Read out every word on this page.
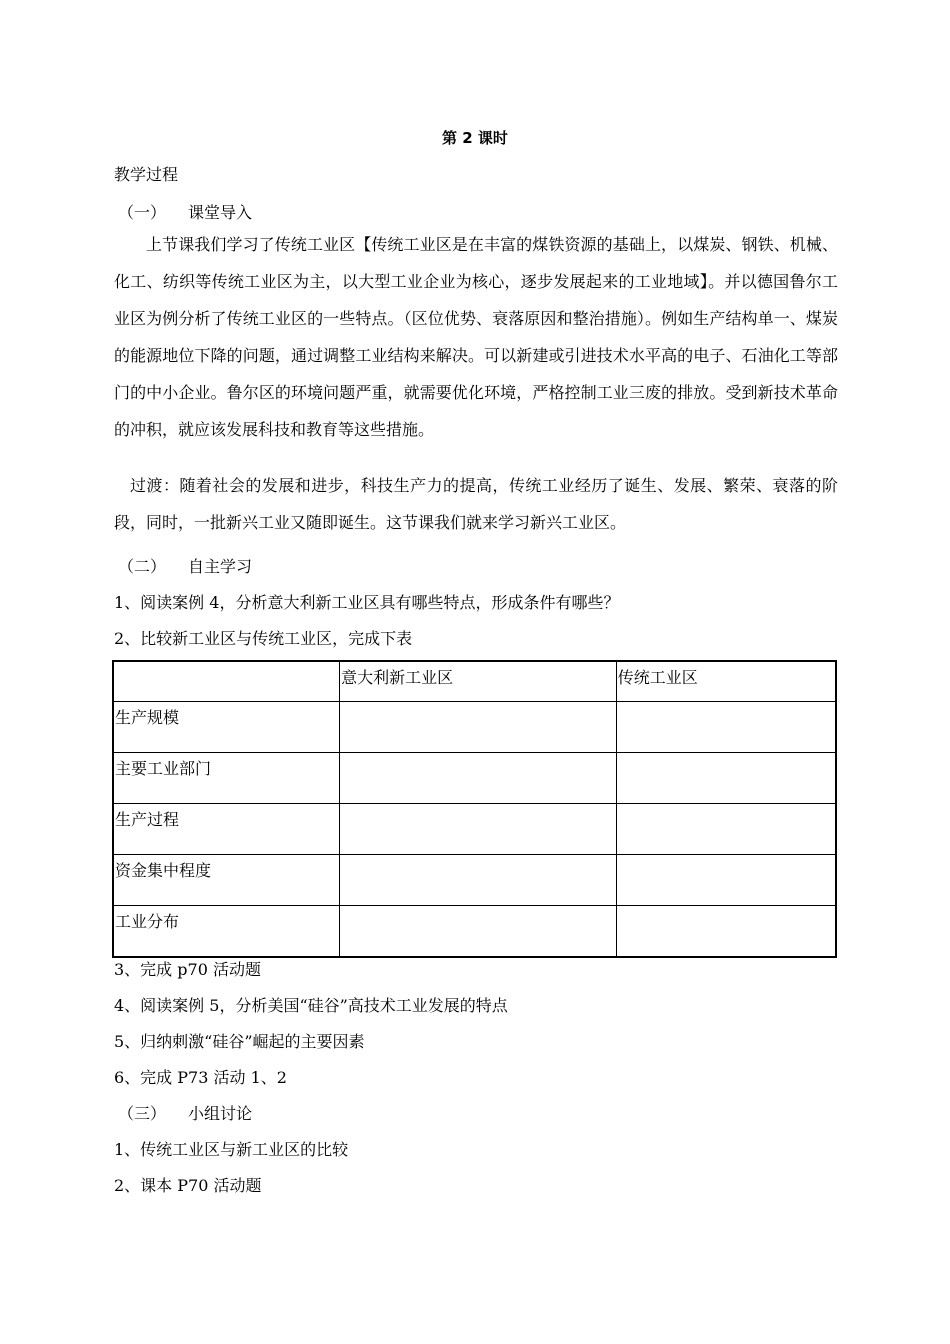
第 2 课时
教学过程
（一） 课堂导入
上节课我们学习了传统工业区【传统工业区是在丰富的煤铁资源的基础上，以煤炭、钢铁、机械、化工、纺织等传统工业区为主，以大型工业企业为核心，逐步发展起来的工业地域】。并以德国鲁尔工业区为例分析了传统工业区的一些特点。（区位优势、衰落原因和整治措施）。例如生产结构单一、煤炭的能源地位下降的问题，通过调整工业结构来解决。可以新建或引进技术水平高的电子、石油化工等部门的中小企业。鲁尔区的环境问题严重，就需要优化环境，严格控制工业三废的排放。受到新技术革命的冲积，就应该发展科技和教育等这些措施。
过渡：随着社会的发展和进步，科技生产力的提高，传统工业经历了诞生、发展、繁荣、衰落的阶段，同时，一批新兴工业又随即诞生。这节课我们就来学习新兴工业区。
（二） 自主学习
1、阅读案例 4，分析意大利新工业区具有哪些特点，形成条件有哪些？
2、比较新工业区与传统工业区，完成下表
	意大利新工业区	传统工业区
生产规模		
主要工业部门		
生产过程		
资金集中程度		
工业分布		
3、完成 p70 活动题
4、阅读案例 5，分析美国“硅谷”高技术工业发展的特点
5、归纳刺激“硅谷”崛起的主要因素
6、完成 P73 活动 1、2
（三） 小组讨论
1、传统工业区与新工业区的比较
2、课本 P70 活动题
